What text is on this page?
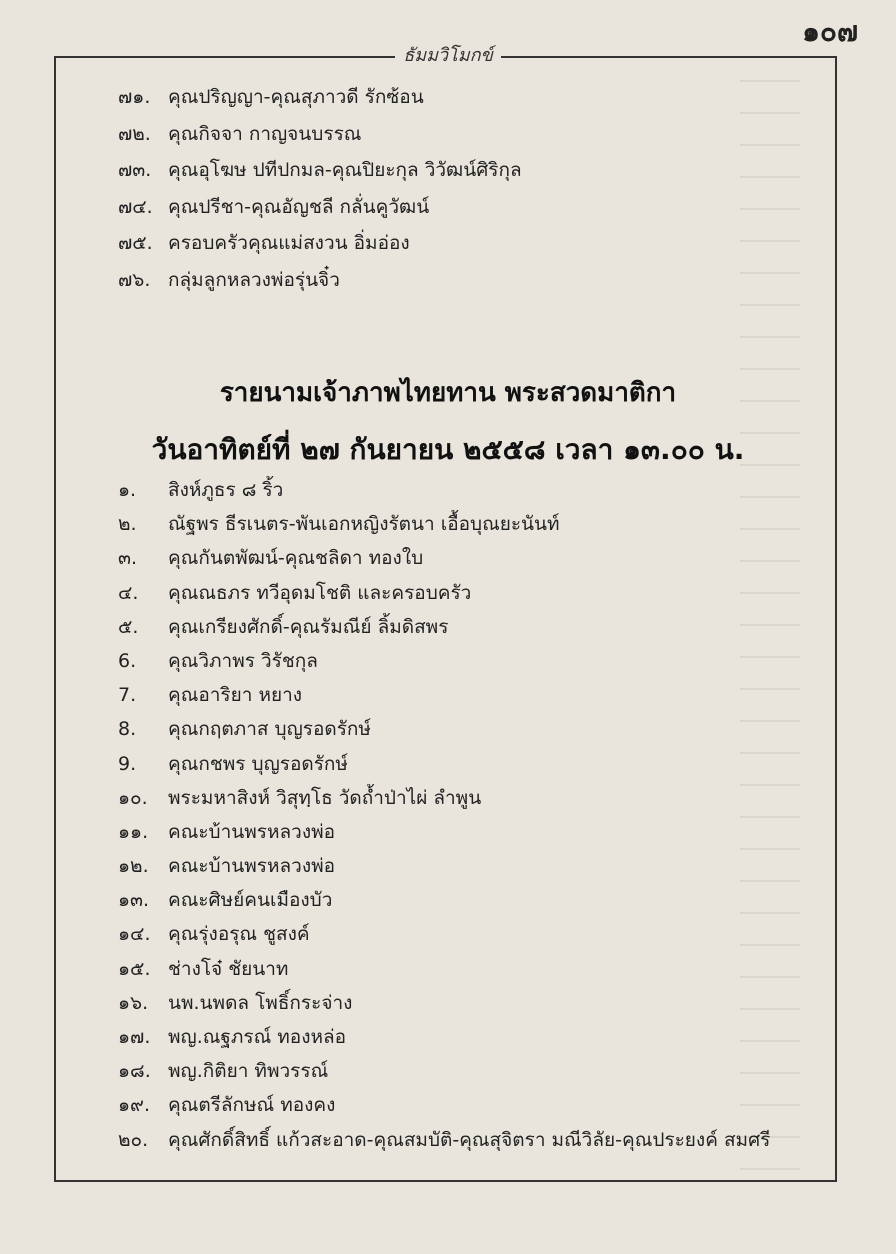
๑๐๗
ธัมมวิโมกข์
๗๑. คุณปริญญา-คุณสุภาวดี รักซ้อน
๗๒. คุณกิจจา กาญจนบรรณ
๗๓. คุณอุโฆษ ปทีปกมล-คุณปิยะกุล วิวัฒน์ศิริกุล
๗๔. คุณปรีชา-คุณอัญชลี กลั่นคูวัฒน์
๗๕. ครอบครัวคุณแม่สงวน อิ่มอ่อง
๗๖. กลุ่มลูกหลวงพ่อรุ่นจิ๋ว
รายนามเจ้าภาพไทยทาน พระสวดมาติกา
วันอาทิตย์ที่ ๒๗ กันยายน ๒๕๕๘ เวลา ๑๓.๐๐ น.
๑. สิงห์ภูธร ๘ ริ้ว
๒. ณัฐพร ธีรเนตร-พันเอกหญิงรัตนา เอื้อบุณยะนันท์
๓. คุณกันตพัฒน์-คุณชลิดา ทองใบ
๔. คุณณธภร ทวีอุดมโชติ และครอบครัว
๕. คุณเกรียงศักดิ์-คุณรัมณีย์ ลิ้มดิสพร
6. คุณวิภาพร วิรัชกุล
7. คุณอาริยา หยาง
8. คุณกฤตภาส บุญรอดรักษ์
9. คุณกชพร บุญรอดรักษ์
๑๐. พระมหาสิงห์ วิสุทฺโธ วัดถ้ำป่าไผ่ ลำพูน
๑๑. คณะบ้านพรหลวงพ่อ
๑๒. คณะบ้านพรหลวงพ่อ
๑๓. คณะศิษย์คนเมืองบัว
๑๔. คุณรุ่งอรุณ ชูสงค์
๑๕. ช่างโจ๋ ชัยนาท
๑๖. นพ.นพดล โพธิ์กระจ่าง
๑๗. พญ.ณฐภรณ์ ทองหล่อ
๑๘. พญ.กิติยา ทิพวรรณ์
๑๙. คุณตรีลักษณ์ ทองคง
๒๐. คุณศักดิ์สิทธิ์ แก้วสะอาด-คุณสมบัติ-คุณสุจิตรา มณีวิลัย-คุณประยงค์ สมศรี
